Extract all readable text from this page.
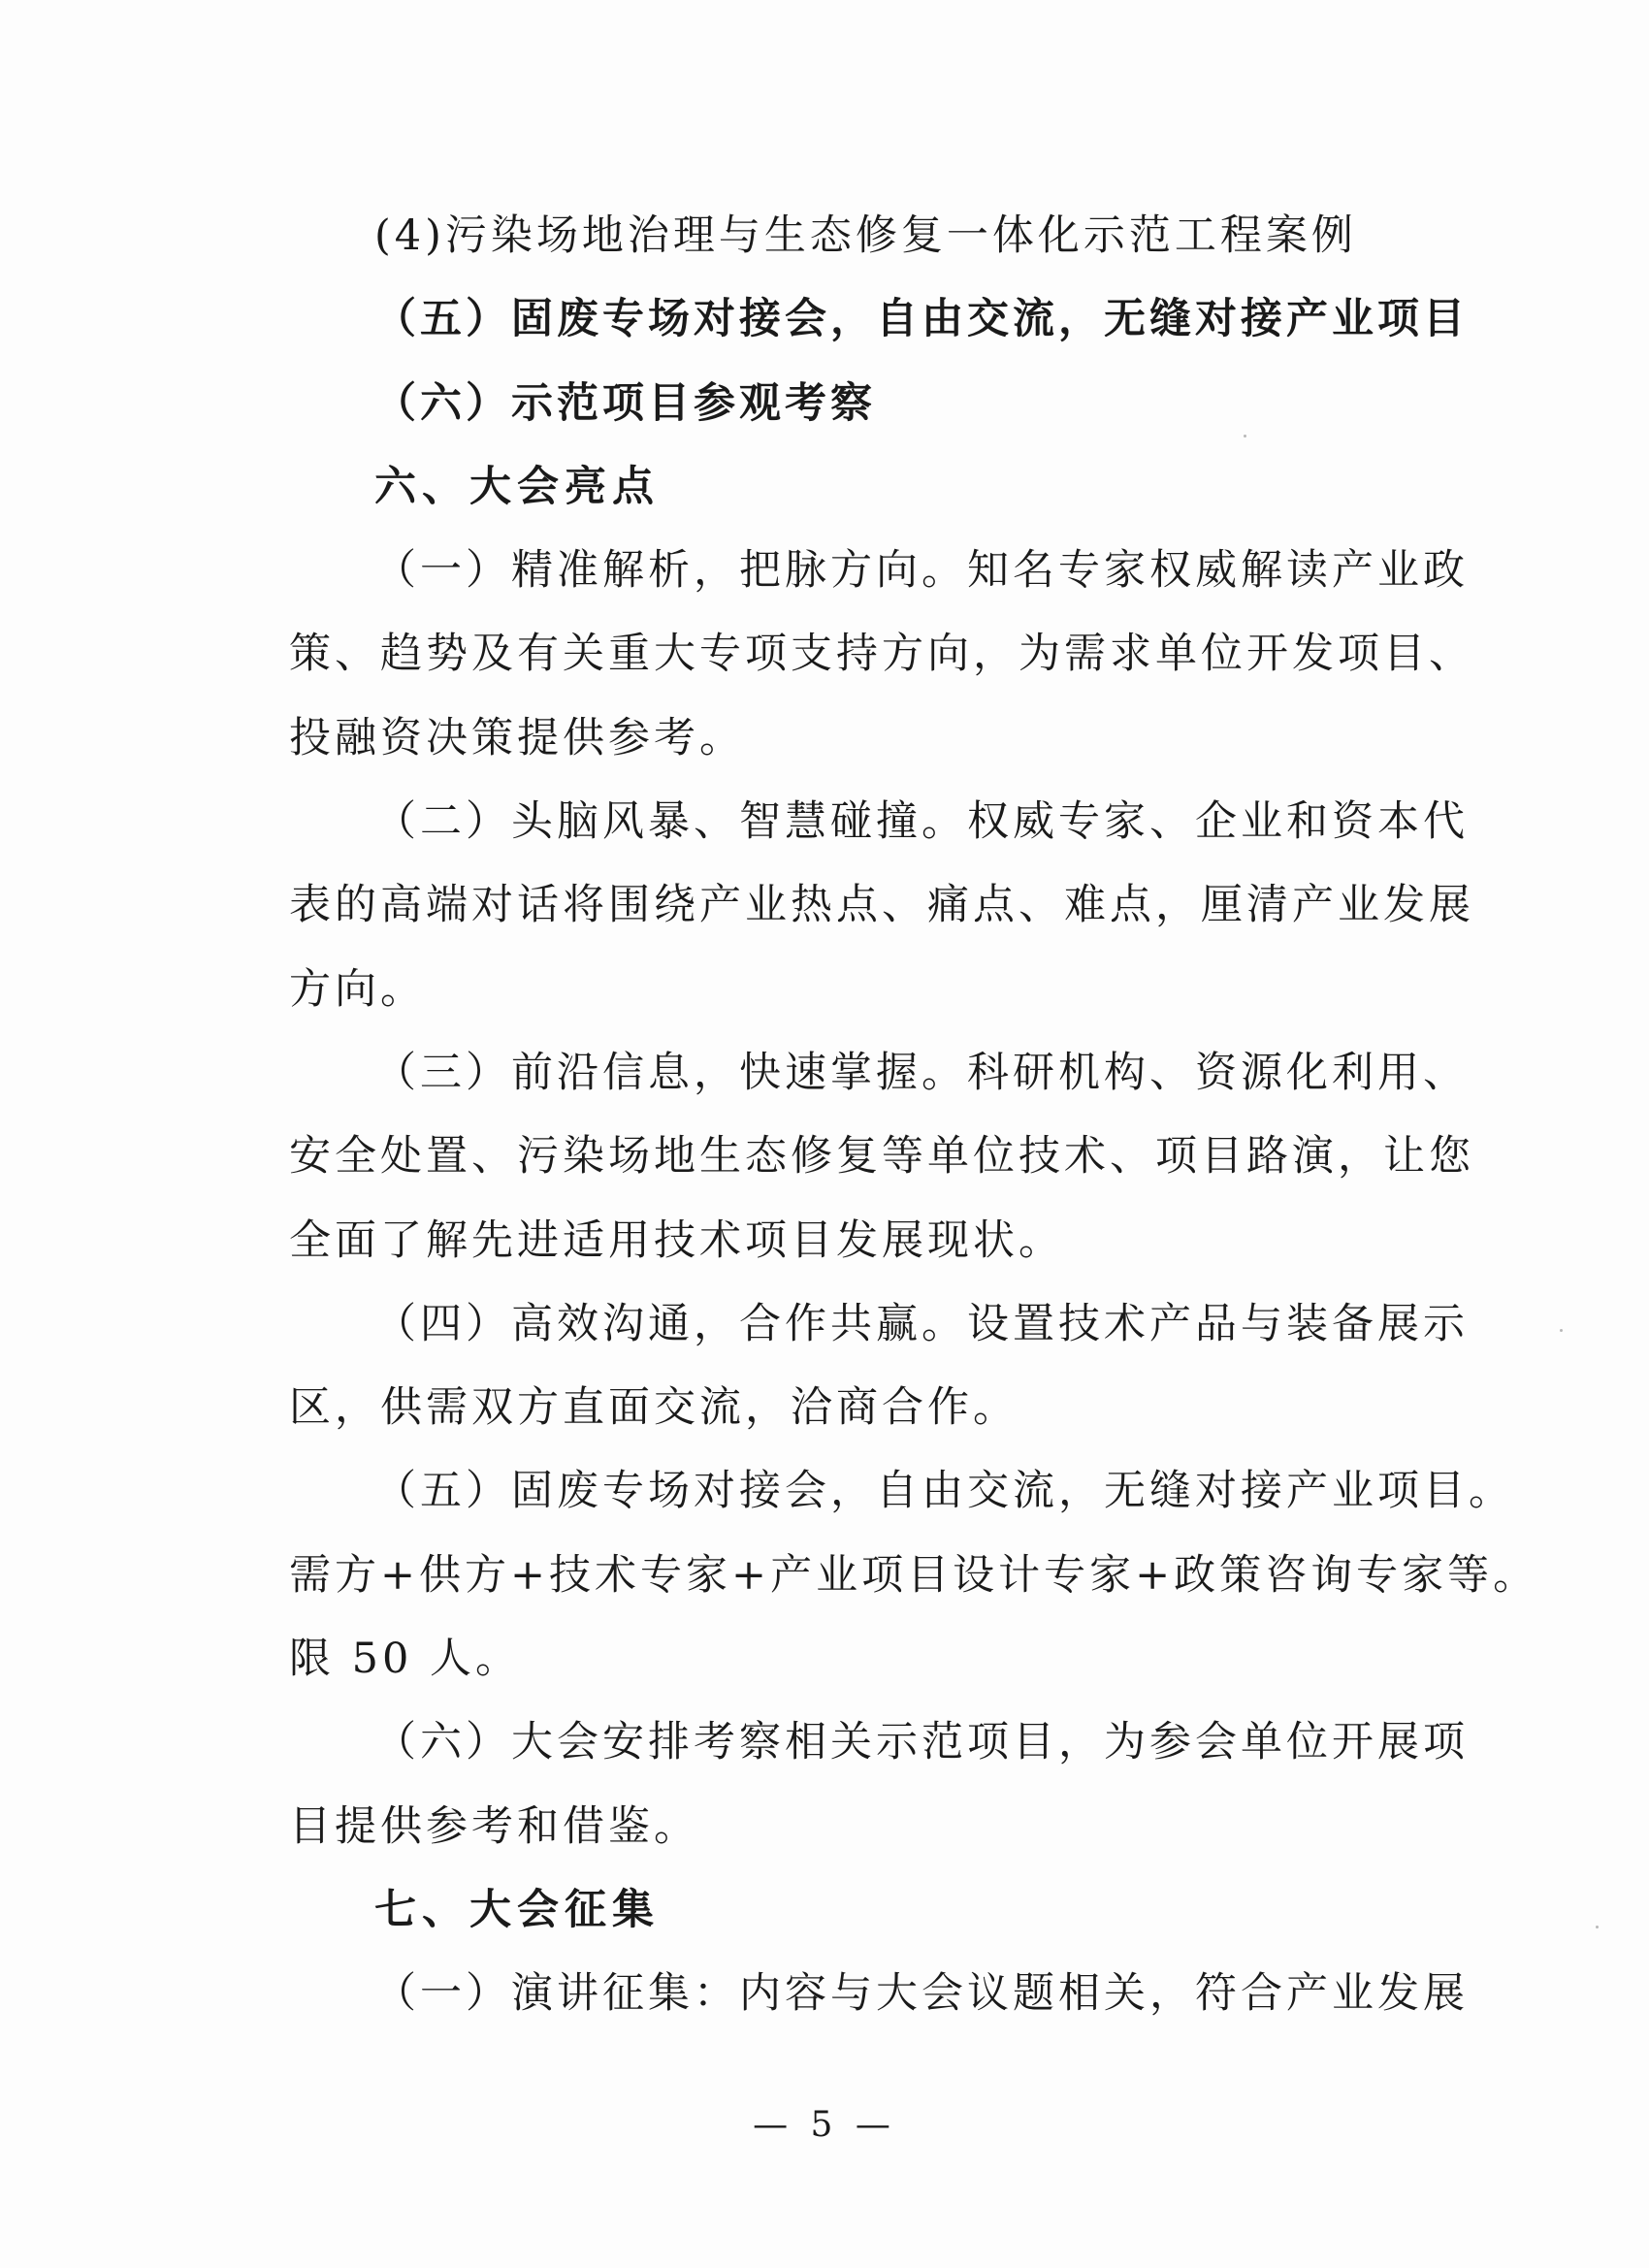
(4)污染场地治理与生态修复一体化示范工程案例
（五）固废专场对接会，自由交流，无缝对接产业项目
（六）示范项目参观考察
六、大会亮点
（一）精准解析，把脉方向。知名专家权威解读产业政
策、趋势及有关重大专项支持方向，为需求单位开发项目、
投融资决策提供参考。
（二）头脑风暴、智慧碰撞。权威专家、企业和资本代
表的高端对话将围绕产业热点、痛点、难点，厘清产业发展
方向。
（三）前沿信息，快速掌握。科研机构、资源化利用、
安全处置、污染场地生态修复等单位技术、项目路演，让您
全面了解先进适用技术项目发展现状。
（四）高效沟通，合作共赢。设置技术产品与装备展示
区，供需双方直面交流，洽商合作。
（五）固废专场对接会，自由交流，无缝对接产业项目。
需方+供方+技术专家+产业项目设计专家+政策咨询专家等。
限 50 人。
（六）大会安排考察相关示范项目，为参会单位开展项
目提供参考和借鉴。
七、大会征集
（一）演讲征集：内容与大会议题相关，符合产业发展
— 5 —
